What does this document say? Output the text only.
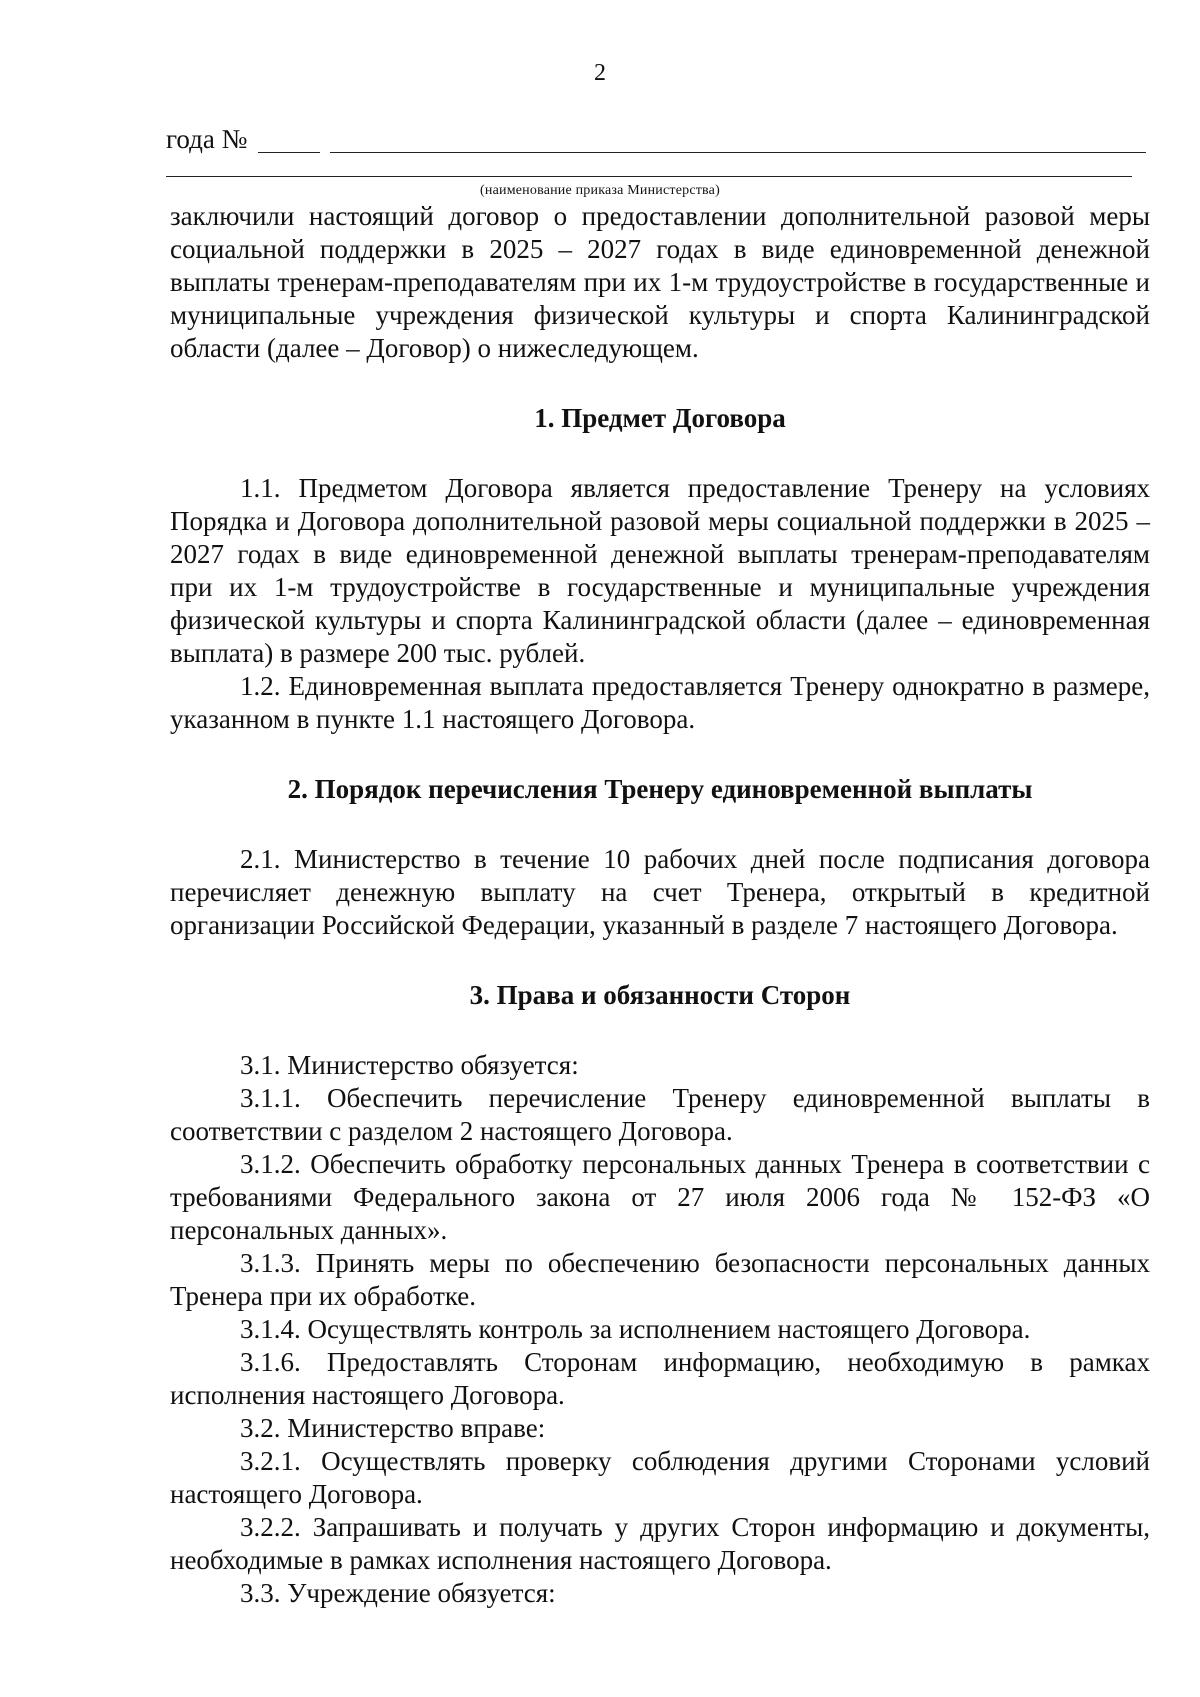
2
года №
(наименование приказа Министерства)

заключили настоящий договор о предоставлении дополнительной разовой меры социальной поддержки в 2025 – 2027 годах в виде единовременной денежной выплаты тренерам-преподавателям при их 1-м трудоустройстве в государственные и муниципальные учреждения физической культуры и спорта Калининградской области (далее – Договор) о нижеследующем.

1. Предмет Договора

1.1. Предметом Договора является предоставление Тренеру на условиях Порядка и Договора дополнительной разовой меры социальной поддержки в 2025 – 2027 годах в виде единовременной денежной выплаты тренерам-преподавателям при их 1-м трудоустройстве в государственные и муниципальные учреждения физической культуры и спорта Калининградской области (далее – единовременная выплата) в размере 200 тыс. рублей.

1.2. Единовременная выплата предоставляется Тренеру однократно в размере, указанном в пункте 1.1 настоящего Договора.

2. Порядок перечисления Тренеру единовременной выплаты

2.1. Министерство в течение 10 рабочих дней после подписания договора перечисляет денежную выплату на счет Тренера, открытый в кредитной организации Российской Федерации, указанный в разделе 7 настоящего Договора.

3. Права и обязанности Сторон

3.1. Министерство обязуется:

3.1.1. Обеспечить перечисление Тренеру единовременной выплаты в соответствии с разделом 2 настоящего Договора.

3.1.2. Обеспечить обработку персональных данных Тренера в соответствии с требованиями Федерального закона от 27 июля 2006 года № 152-ФЗ «О персональных данных».

3.1.3. Принять меры по обеспечению безопасности персональных данных Тренера при их обработке.

3.1.4. Осуществлять контроль за исполнением настоящего Договора.

3.1.6. Предоставлять Сторонам информацию, необходимую в рамках исполнения настоящего Договора.

3.2. Министерство вправе:

3.2.1. Осуществлять проверку соблюдения другими Сторонами условий настоящего Договора.

3.2.2. Запрашивать и получать у других Сторон информацию и документы, необходимые в рамках исполнения настоящего Договора.

3.3. Учреждение обязуется:
